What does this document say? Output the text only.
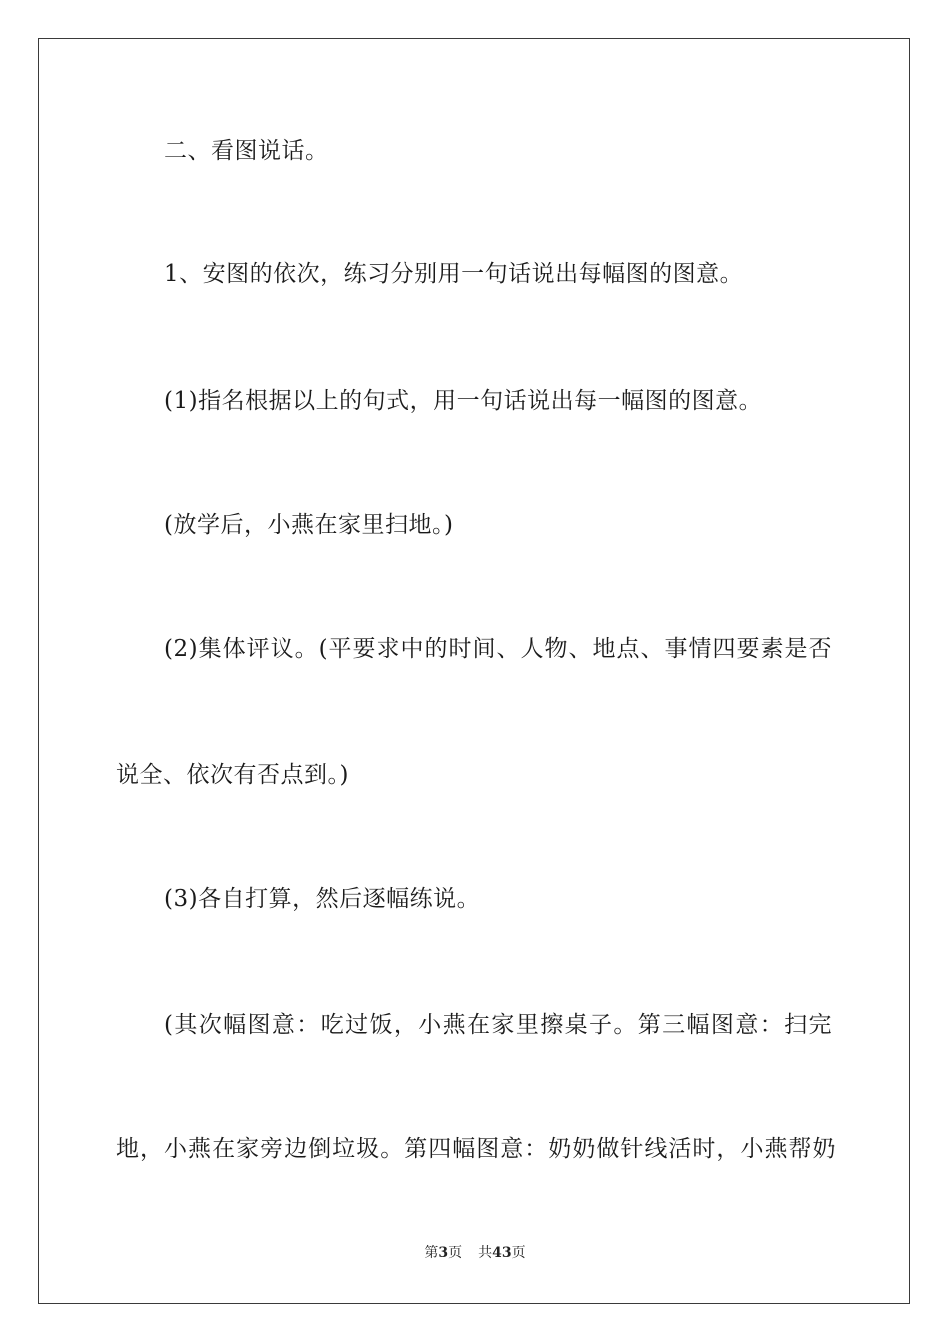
二、看图说话。
1、安图的依次，练习分别用一句话说出每幅图的图意。
(1)指名根据以上的句式，用一句话说出每一幅图的图意。
(放学后，小燕在家里扫地。)
(2)集体评议。(平要求中的时间、人物、地点、事情四要素是否
说全、依次有否点到。)
(3)各自打算，然后逐幅练说。
(其次幅图意：吃过饭，小燕在家里擦桌子。第三幅图意：扫完
地，小燕在家旁边倒垃圾。第四幅图意：奶奶做针线活时，小燕帮奶
第3页 共43页
